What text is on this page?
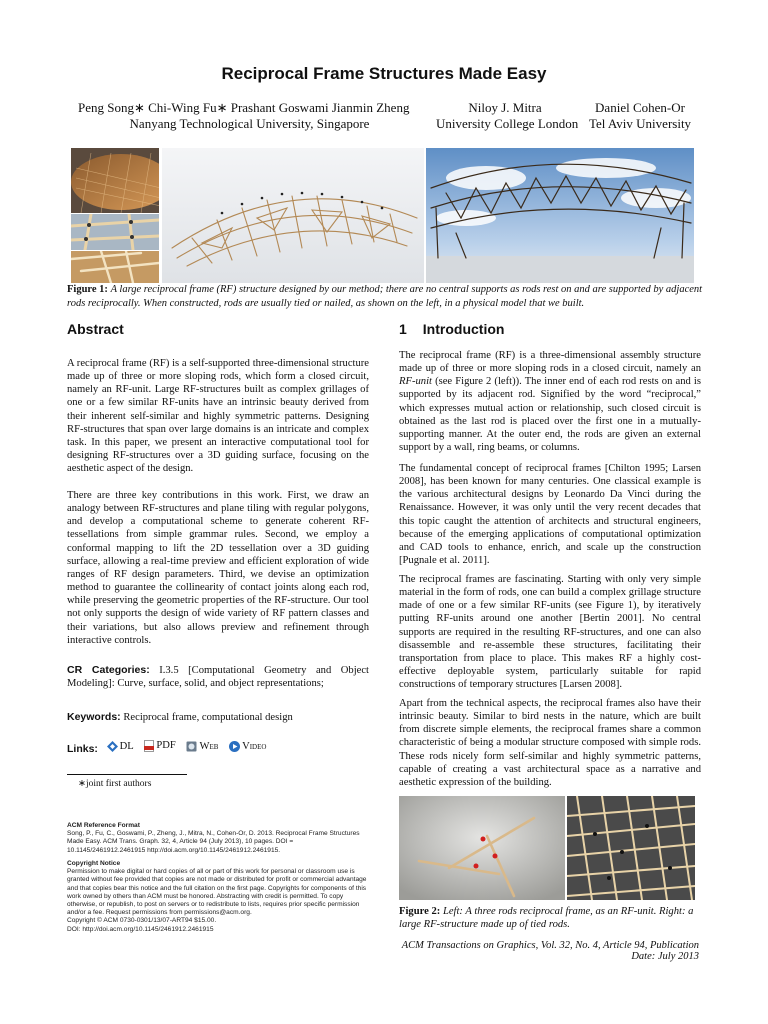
Reciprocal Frame Structures Made Easy
Peng Song∗ Chi-Wing Fu∗ Prashant Goswami Jianmin Zheng
Nanyang Technological University, Singapore
Niloy J. Mitra
University College London
Daniel Cohen-Or
Tel Aviv University
Figure 1: A large reciprocal frame (RF) structure designed by our method; there are no central supports as rods rest on and are supported by adjacent rods reciprocally. When constructed, rods are usually tied or nailed, as shown on the left, in a physical model that we built.
Abstract
A reciprocal frame (RF) is a self-supported three-dimensional structure made up of three or more sloping rods, which form a closed circuit, namely an RF-unit. Large RF-structures built as complex grillages of one or a few similar RF-units have an intrinsic beauty derived from their inherent self-similar and highly symmetric patterns. Designing RF-structures that span over large domains is an intricate and complex task. In this paper, we present an interactive computational tool for designing RF-structures over a 3D guiding surface, focusing on the aesthetic aspect of the design.
There are three key contributions in this work. First, we draw an analogy between RF-structures and plane tiling with regular polygons, and develop a computational scheme to generate coherent RF-tessellations from simple grammar rules. Second, we employ a conformal mapping to lift the 2D tessellation over a 3D guiding surface, allowing a real-time preview and efficient exploration of wide ranges of RF design parameters. Third, we devise an optimization method to guarantee the collinearity of contact joints along each rod, while preserving the geometric properties of the RF-structure. Our tool not only supports the design of wide variety of RF pattern classes and their variations, but also allows preview and refinement through interactive controls.
CR Categories: I.3.5 [Computational Geometry and Object Modeling]: Curve, surface, solid, and object representations;
Keywords: Reciprocal frame, computational design
Links: DL
PDF
Web
Video
∗joint first authors
ACM Reference Format
Song, P., Fu, C., Goswami, P., Zheng, J., Mitra, N., Cohen-Or, D. 2013. Reciprocal Frame Structures Made Easy. ACM Trans. Graph. 32, 4, Article 94 (July 2013), 10 pages. DOI = 10.1145/2461912.2461915 http://doi.acm.org/10.1145/2461912.2461915.
Copyright Notice
Permission to make digital or hard copies of all or part of this work for personal or classroom use is granted without fee provided that copies are not made or distributed for profit or commercial advantage and that copies bear this notice and the full citation on the first page. Copyrights for components of this work owned by others than ACM must be honored. Abstracting with credit is permitted. To copy otherwise, or republish, to post on servers or to redistribute to lists, requires prior specific permission and/or a fee. Request permissions from permissions@acm.org.
Copyright © ACM 0730-0301/13/07-ART94 $15.00.
DOI: http://doi.acm.org/10.1145/2461912.2461915
1 Introduction
The reciprocal frame (RF) is a three-dimensional assembly structure made up of three or more sloping rods in a closed circuit, namely an RF-unit (see Figure 2 (left)). The inner end of each rod rests on and is supported by its adjacent rod. Signified by the word “reciprocal,” which expresses mutual action or relationship, such closed circuit is obtained as the last rod is placed over the first one in a mutually-supporting manner. At the outer end, the rods are given an external support by a wall, ring beams, or columns.
The fundamental concept of reciprocal frames [Chilton 1995; Larsen 2008], has been known for many centuries. One classical example is the various architectural designs by Leonardo Da Vinci during the Renaissance. However, it was only until the very recent decades that this topic caught the attention of architects and structural engineers, because of the emerging applications of computational optimization and CAD tools to enhance, enrich, and scale up the construction [Pugnale et al. 2011].
The reciprocal frames are fascinating. Starting with only very simple material in the form of rods, one can build a complex grillage structure made of one or a few similar RF-units (see Figure 1), by iteratively putting RF-units around one another [Bertin 2001]. No central supports are required in the resulting RF-structures, and one can also disassemble and re-assemble these structures, facilitating their transportation from place to place. This makes RF a highly cost-effective deployable system, particularly suitable for rapid constructions of temporary structures [Larsen 2008].
Apart from the technical aspects, the reciprocal frames also have their intrinsic beauty. Similar to bird nests in the nature, which are built from discrete simple elements, the reciprocal frames share a common characteristic of being a modular structure composed with simple rods. These rods nicely form self-similar and highly symmetric patterns, capable of creating a vast architectural space as a narrative and aesthetic expression of the building.
Figure 2: Left: A three rods reciprocal frame, as an RF-unit. Right: a large RF-structure made up of tied rods.
ACM Transactions on Graphics, Vol. 32, No. 4, Article 94, Publication Date: July 2013
